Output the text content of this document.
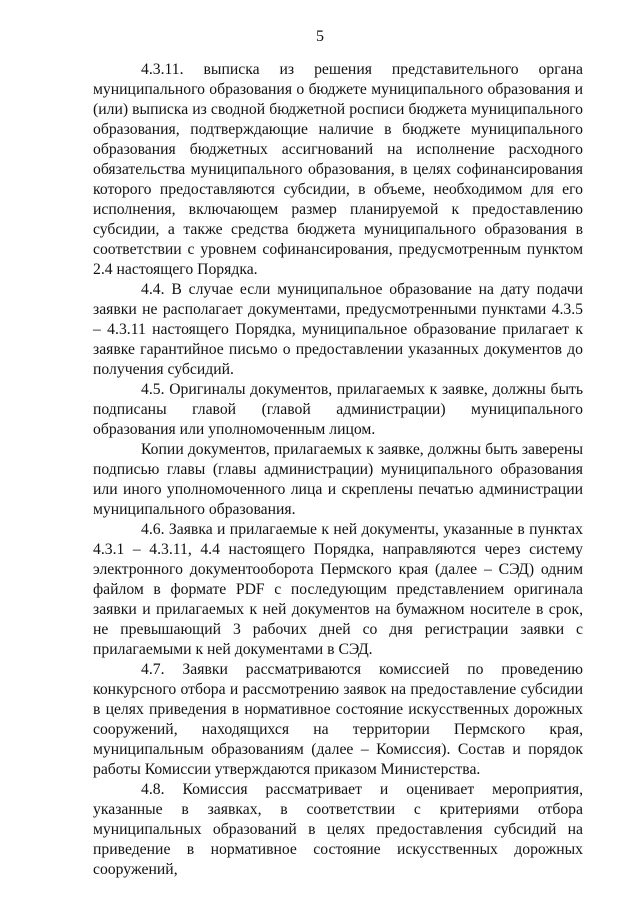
5

4.3.11. выписка из решения представительного органа муниципального образования о бюджете муниципального образования и (или) выписка из сводной бюджетной росписи бюджета муниципального образования, подтверждающие наличие в бюджете муниципального образования бюджетных ассигнований на исполнение расходного обязательства муниципального образования, в целях софинансирования которого предоставляются субсидии, в объеме, необходимом для его исполнения, включающем размер планируемой к предоставлению субсидии, а также средства бюджета муниципального образования в соответствии с уровнем софинансирования, предусмотренным пунктом 2.4 настоящего Порядка.

4.4. В случае если муниципальное образование на дату подачи заявки не располагает документами, предусмотренными пунктами 4.3.5 – 4.3.11 настоящего Порядка, муниципальное образование прилагает к заявке гарантийное письмо о предоставлении указанных документов до получения субсидий.

4.5. Оригиналы документов, прилагаемых к заявке, должны быть подписаны главой (главой администрации) муниципального образования или уполномоченным лицом.

Копии документов, прилагаемых к заявке, должны быть заверены подписью главы (главы администрации) муниципального образования или иного уполномоченного лица и скреплены печатью администрации муниципального образования.

4.6. Заявка и прилагаемые к ней документы, указанные в пунктах 4.3.1 – 4.3.11, 4.4 настоящего Порядка, направляются через систему электронного документооборота Пермского края (далее – СЭД) одним файлом в формате PDF с последующим представлением оригинала заявки и прилагаемых к ней документов на бумажном носителе в срок, не превышающий 3 рабочих дней со дня регистрации заявки с прилагаемыми к ней документами в СЭД.

4.7. Заявки рассматриваются комиссией по проведению конкурсного отбора и рассмотрению заявок на предоставление субсидии в целях приведения в нормативное состояние искусственных дорожных сооружений, находящихся на территории Пермского края, муниципальным образованиям (далее – Комиссия). Состав и порядок работы Комиссии утверждаются приказом Министерства.

4.8. Комиссия рассматривает и оценивает мероприятия, указанные в заявках, в соответствии с критериями отбора муниципальных образований в целях предоставления субсидий на приведение в нормативное состояние искусственных дорожных сооружений,
